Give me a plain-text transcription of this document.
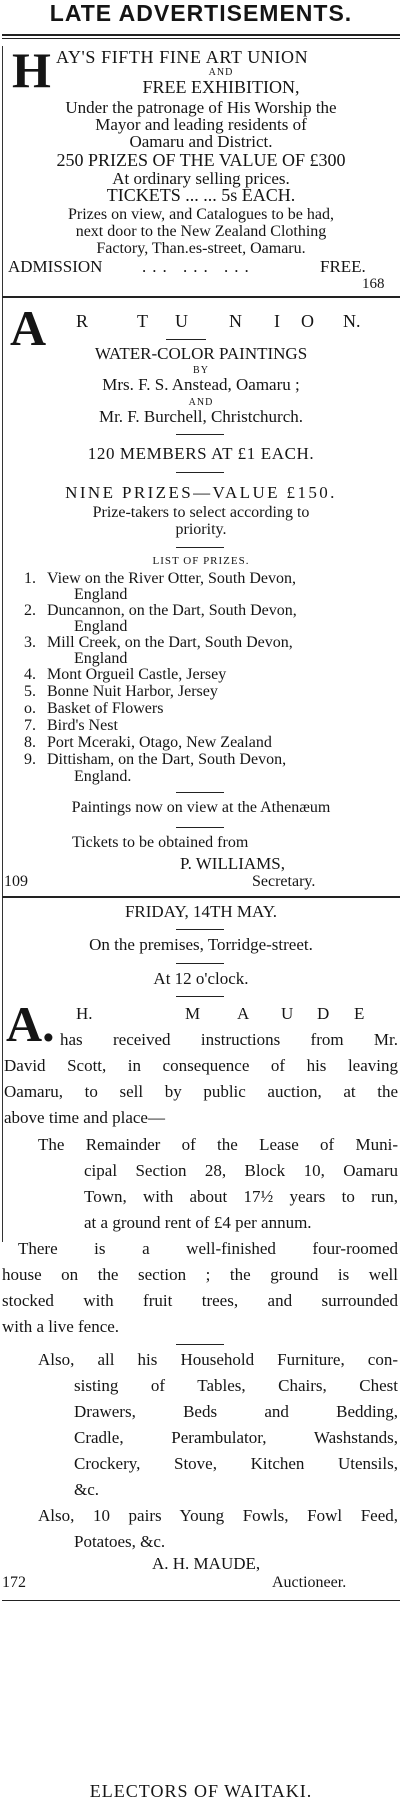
LATE ADVERTISEMENTS.
H AY'S FIFTH FINE ART UNION
AND
FREE EXHIBITION,
Under the patronage of His Worship the
Mayor and leading residents of
Oamaru and District.
250 PRIZES OF THE VALUE OF £300
At ordinary selling prices.
TICKETS ... ... 5s EACH.
Prizes on view, and Catalogues to be had,
next door to the New Zealand Clothing
Factory, Than.es-street, Oamaru.
ADMISSION ... ... ...	FREE.
168
A R	T U N I O N.
WATER-COLOR PAINTINGS
BY
Mrs. F. S. Anstead, Oamaru ;
AND
Mr. F. Burchell, Christchurch.
120 MEMBERS AT £1 EACH.
NINE PRIZES—VALUE £150.
Prize-takers to select according to
priority.
LIST OF PRIZES.
1. View on the River Otter, South Devon,
England
2. Duncannon, on the Dart, South Devon,
England
3. Mill Creek, on the Dart, South Devon,
England
4. Mont Orgueil Castle, Jersey
5. Bonne Nuit Harbor, Jersey
o. Basket of Flowers
7. Bird's Nest
8. Port Mceraki, Otago, New Zealand
9. Dittisham, on the Dart, South Devon,
England.
Paintings now on view at the Athenæum
Tickets to be obtained from
P. WILLIAMS,
109	Secretary.
FRIDAY, 14TH MAY.
On the premises, Torridge-street.
At 12 o'clock.
A. H.	M A U D E
has received instructions from Mr.
David Scott, in consequence of his leaving
Oamaru, to sell by public auction, at the
above time and place—
The Remainder of the Lease of Muni-
cipal Section 28, Block 10, Oamaru
Town, with about 17½ years to run,
at a ground rent of £4 per annum.
There is a well-finished four-roomed
house on the section ; the ground is well
stocked with fruit trees, and surrounded
with a live fence.
Also, all his Household Furniture, con-
sisting of Tables, Chairs, Chest
Drawers, Beds and Bedding,
Cradle, Perambulator, Washstands,
Crockery, Stove, Kitchen Utensils,
&c.
Also, 10 pairs Young Fowls, Fowl Feed,
Potatoes, &c.
A. H. MAUDE,
172	Auctioneer.
ELECTORS OF WAITAKI.
